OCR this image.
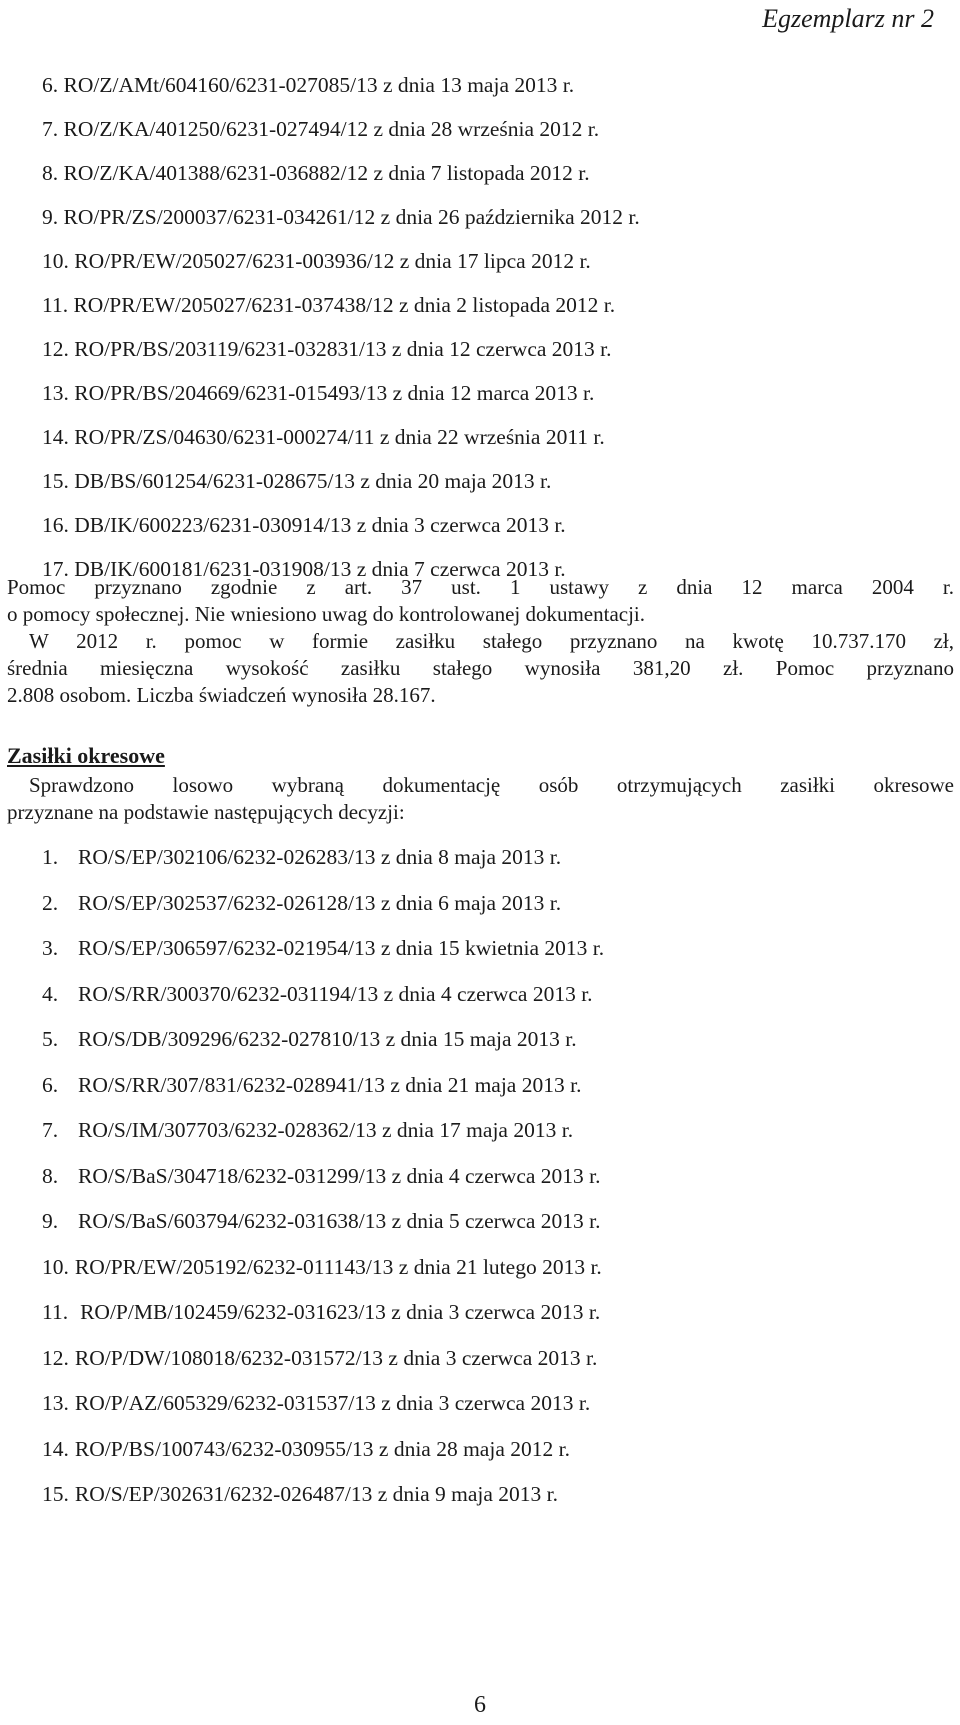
Egzemplarz nr 2
6. RO/Z/AMt/604160/6231-027085/13 z dnia 13 maja 2013 r.
7. RO/Z/KA/401250/6231-027494/12 z dnia 28 września 2012 r.
8. RO/Z/KA/401388/6231-036882/12 z dnia 7 listopada 2012 r.
9. RO/PR/ZS/200037/6231-034261/12 z dnia 26 października 2012 r.
10. RO/PR/EW/205027/6231-003936/12 z dnia 17 lipca 2012 r.
11. RO/PR/EW/205027/6231-037438/12 z dnia 2 listopada 2012 r.
12. RO/PR/BS/203119/6231-032831/13 z dnia 12 czerwca 2013 r.
13. RO/PR/BS/204669/6231-015493/13 z dnia 12 marca 2013 r.
14. RO/PR/ZS/04630/6231-000274/11 z dnia 22 września 2011 r.
15. DB/BS/601254/6231-028675/13 z dnia 20 maja 2013 r.
16. DB/IK/600223/6231-030914/13 z dnia 3 czerwca 2013 r.
17. DB/IK/600181/6231-031908/13 z dnia 7 czerwca 2013 r.
Pomoc przyznano zgodnie z art. 37 ust. 1 ustawy z dnia 12 marca 2004 r.
o pomocy społecznej. Nie wniesiono uwag do kontrolowanej dokumentacji.
W 2012 r. pomoc w formie zasiłku stałego przyznano na kwotę 10.737.170 zł,
średnia miesięczna wysokość zasiłku stałego wynosiła 381,20 zł. Pomoc przyznano
2.808 osobom. Liczba świadczeń wynosiła 28.167.
Zasiłki okresowe
Sprawdzono losowo wybraną dokumentację osób otrzymujących zasiłki okresowe
przyznane na podstawie następujących decyzji:
1. RO/S/EP/302106/6232-026283/13 z dnia 8 maja 2013 r.
2. RO/S/EP/302537/6232-026128/13 z dnia 6 maja 2013 r.
3. RO/S/EP/306597/6232-021954/13 z dnia 15 kwietnia 2013 r.
4. RO/S/RR/300370/6232-031194/13 z dnia 4 czerwca 2013 r.
5. RO/S/DB/309296/6232-027810/13 z dnia 15 maja 2013 r.
6. RO/S/RR/307/831/6232-028941/13 z dnia 21 maja 2013 r.
7. RO/S/IM/307703/6232-028362/13 z dnia 17 maja 2013 r.
8. RO/S/BaS/304718/6232-031299/13 z dnia 4 czerwca 2013 r.
9. RO/S/BaS/603794/6232-031638/13 z dnia 5 czerwca 2013 r.
10. RO/PR/EW/205192/6232-011143/13 z dnia 21 lutego 2013 r.
11. RO/P/MB/102459/6232-031623/13 z dnia 3 czerwca 2013 r.
12. RO/P/DW/108018/6232-031572/13 z dnia 3 czerwca 2013 r.
13. RO/P/AZ/605329/6232-031537/13 z dnia 3 czerwca 2013 r.
14. RO/P/BS/100743/6232-030955/13 z dnia 28 maja 2012 r.
15. RO/S/EP/302631/6232-026487/13 z dnia 9 maja 2013 r.
6
